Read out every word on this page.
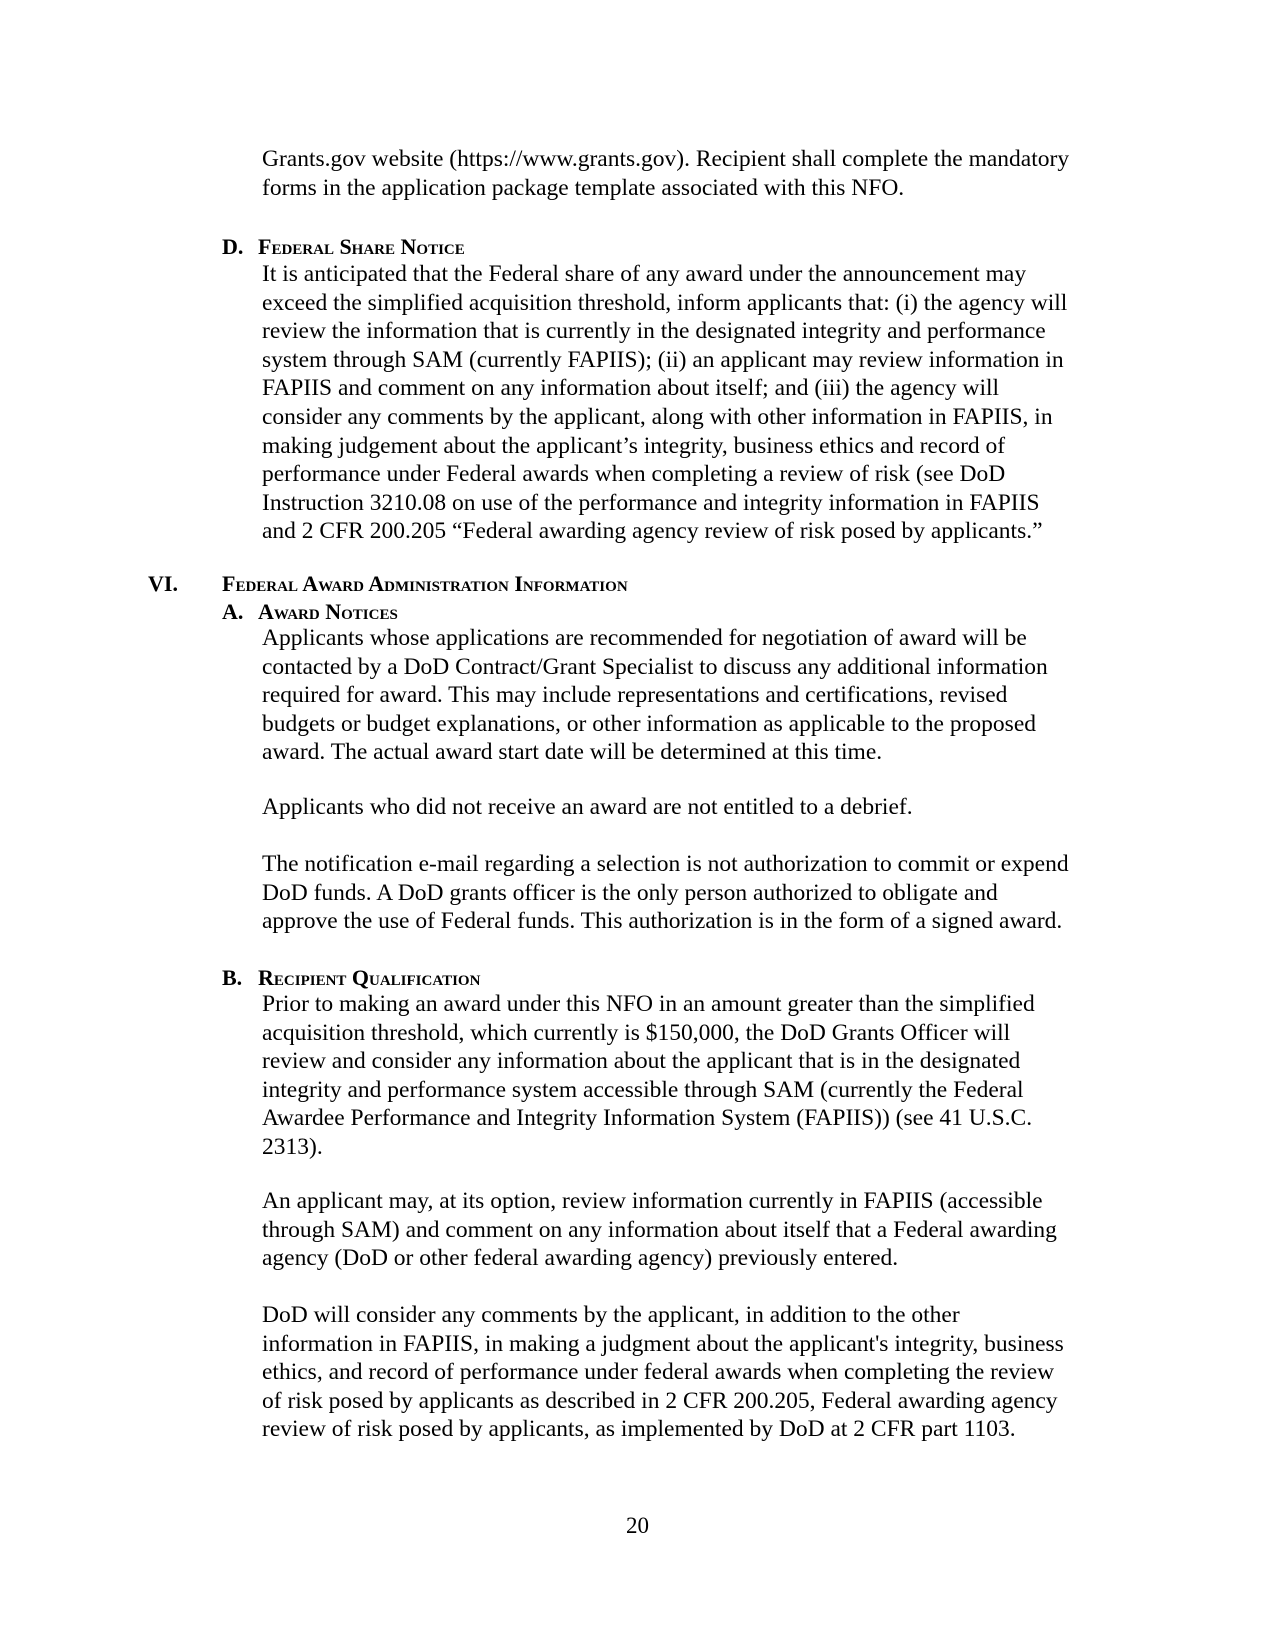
Grants.gov website (https://www.grants.gov). Recipient shall complete the mandatory
forms in the application package template associated with this NFO.

D. Federal Share Notice

It is anticipated that the Federal share of any award under the announcement may
exceed the simplified acquisition threshold, inform applicants that: (i) the agency will
review the information that is currently in the designated integrity and performance
system through SAM (currently FAPIIS); (ii) an applicant may review information in
FAPIIS and comment on any information about itself; and (iii) the agency will
consider any comments by the applicant, along with other information in FAPIIS, in
making judgement about the applicant’s integrity, business ethics and record of
performance under Federal awards when completing a review of risk (see DoD
Instruction 3210.08 on use of the performance and integrity information in FAPIIS
and 2 CFR 200.205 “Federal awarding agency review of risk posed by applicants.”

VI. Federal Award Administration Information
A. Award Notices

Applicants whose applications are recommended for negotiation of award will be
contacted by a DoD Contract/Grant Specialist to discuss any additional information
required for award. This may include representations and certifications, revised
budgets or budget explanations, or other information as applicable to the proposed
award. The actual award start date will be determined at this time.

Applicants who did not receive an award are not entitled to a debrief.

The notification e-mail regarding a selection is not authorization to commit or expend
DoD funds. A DoD grants officer is the only person authorized to obligate and
approve the use of Federal funds. This authorization is in the form of a signed award.

B. Recipient Qualification

Prior to making an award under this NFO in an amount greater than the simplified
acquisition threshold, which currently is $150,000, the DoD Grants Officer will
review and consider any information about the applicant that is in the designated
integrity and performance system accessible through SAM (currently the Federal
Awardee Performance and Integrity Information System (FAPIIS)) (see 41 U.S.C.
2313).

An applicant may, at its option, review information currently in FAPIIS (accessible
through SAM) and comment on any information about itself that a Federal awarding
agency (DoD or other federal awarding agency) previously entered.

DoD will consider any comments by the applicant, in addition to the other
information in FAPIIS, in making a judgment about the applicant's integrity, business
ethics, and record of performance under federal awards when completing the review
of risk posed by applicants as described in 2 CFR 200.205, Federal awarding agency
review of risk posed by applicants, as implemented by DoD at 2 CFR part 1103.

20
